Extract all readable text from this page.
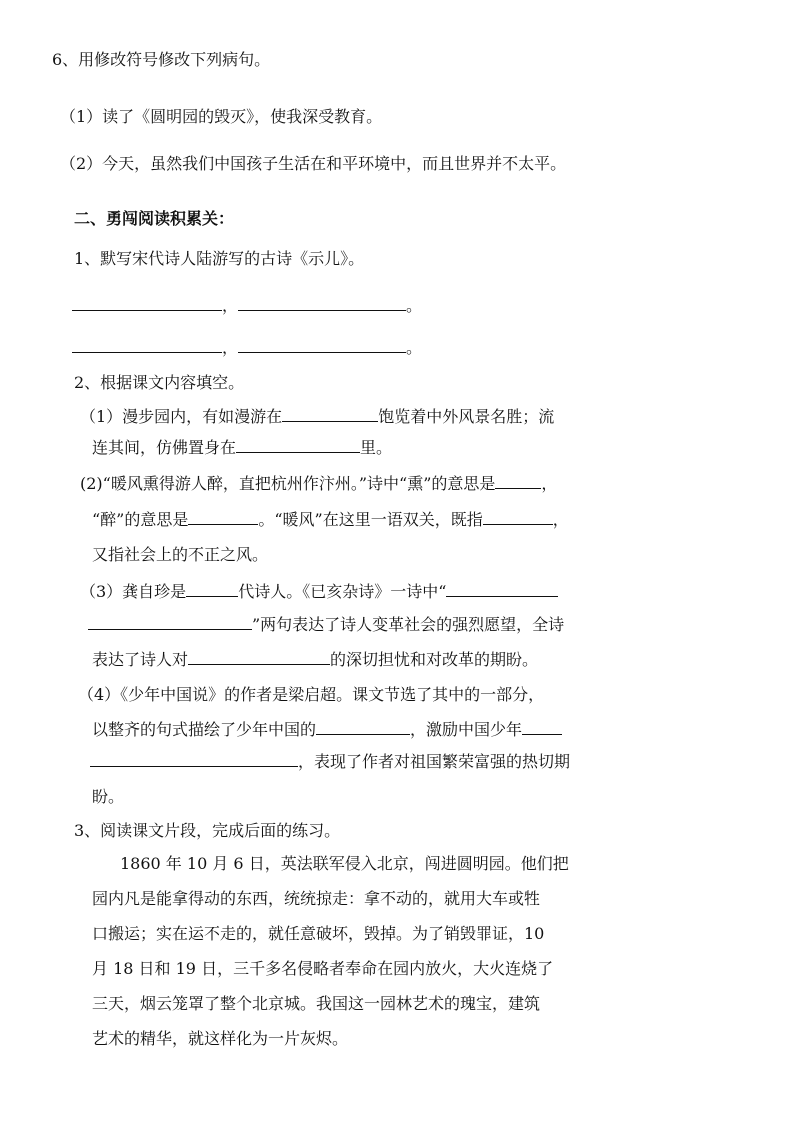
6、用修改符号修改下列病句。
（1）读了《圆明园的毁灭》，使我深受教育。
（2）今天，虽然我们中国孩子生活在和平环境中，而且世界并不太平。
二、勇闯阅读积累关：
1、默写宋代诗人陆游写的古诗《示儿》。
，	。
，	。
2、根据课文内容填空。
（1）漫步园内，有如漫游在	饱览着中外风景名胜；流
连其间，仿佛置身在	里。
(2)“暖风熏得游人醉，直把杭州作汴州。”诗中“熏”的意思是	，
“醉”的意思是	。“暖风”在这里一语双关，既指	，
又指社会上的不正之风。
（3）龚自珍是	代诗人。《已亥杂诗》一诗中“
”两句表达了诗人变革社会的强烈愿望，全诗
表达了诗人对	的深切担忧和对改革的期盼。
（4）《少年中国说》的作者是梁启超。课文节选了其中的一部分，
以整齐的句式描绘了少年中国的	，激励中国少年
，表现了作者对祖国繁荣富强的热切期
盼。
3、阅读课文片段，完成后面的练习。
1860 年 10 月 6 日，英法联军侵入北京，闯进圆明园。他们把
园内凡是能拿得动的东西，统统掠走：拿不动的，就用大车或牲
口搬运；实在运不走的，就任意破坏，毁掉。为了销毁罪证，10
月 18 日和 19 日，三千多名侵略者奉命在园内放火，大火连烧了
三天，烟云笼罩了整个北京城。我国这一园林艺术的瑰宝，建筑
艺术的精华，就这样化为一片灰烬。
